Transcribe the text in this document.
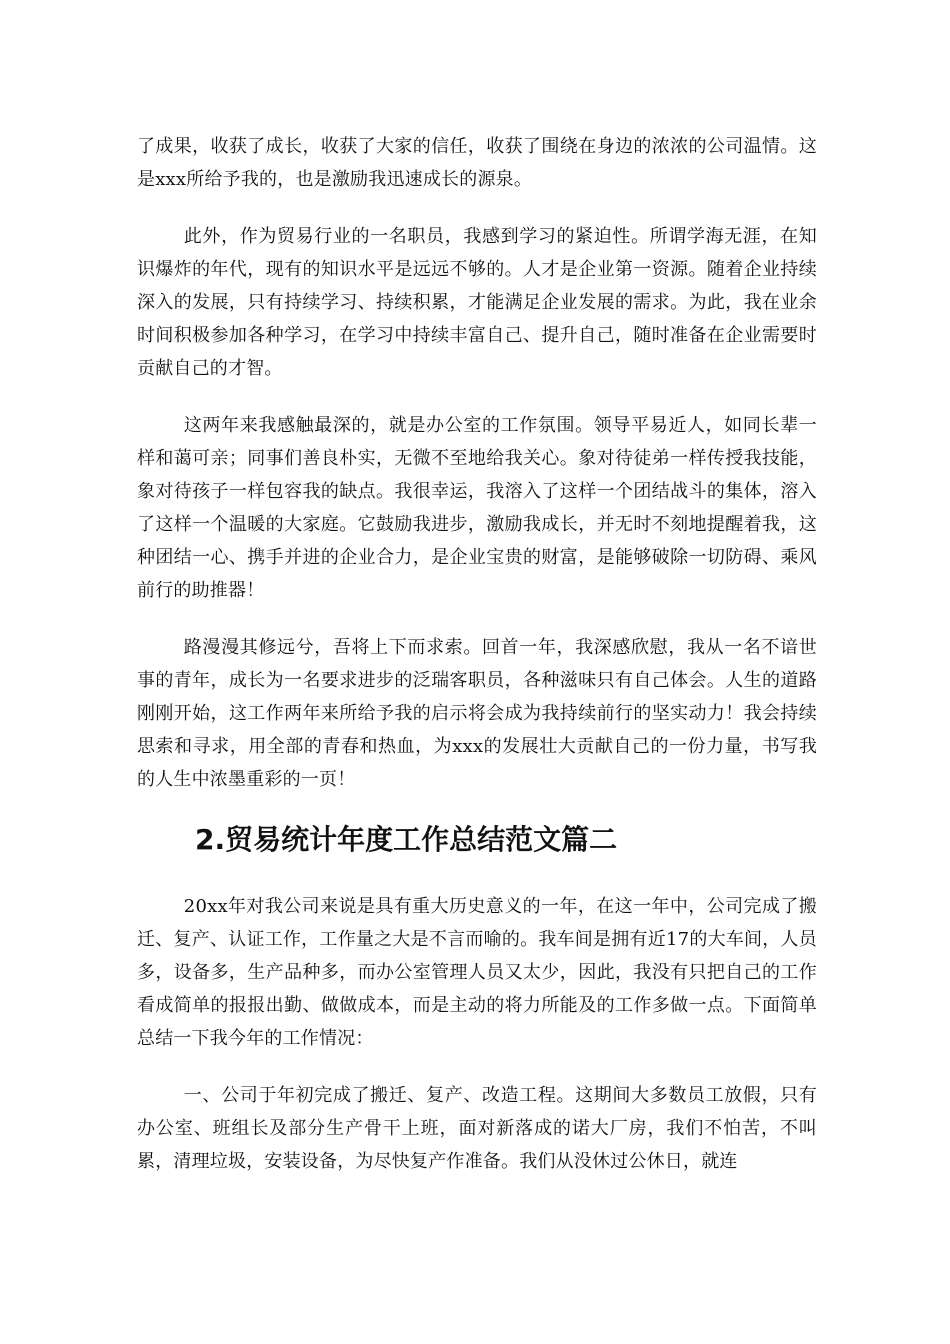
了成果，收获了成长，收获了大家的信任，收获了围绕在身边的浓浓的公司温情。这是xxx所给予我的，也是激励我迅速成长的源泉。

此外，作为贸易行业的一名职员，我感到学习的紧迫性。所谓学海无涯，在知识爆炸的年代，现有的知识水平是远远不够的。人才是企业第一资源。随着企业持续深入的发展，只有持续学习、持续积累，才能满足企业发展的需求。为此，我在业余时间积极参加各种学习，在学习中持续丰富自己、提升自己，随时准备在企业需要时贡献自己的才智。

这两年来我感触最深的，就是办公室的工作氛围。领导平易近人，如同长辈一样和蔼可亲；同事们善良朴实，无微不至地给我关心。象对待徒弟一样传授我技能，象对待孩子一样包容我的缺点。我很幸运，我溶入了这样一个团结战斗的集体，溶入了这样一个温暖的大家庭。它鼓励我进步，激励我成长，并无时不刻地提醒着我，这种团结一心、携手并进的企业合力，是企业宝贵的财富，是能够破除一切防碍、乘风前行的助推器！

路漫漫其修远兮，吾将上下而求索。回首一年，我深感欣慰，我从一名不谙世事的青年，成长为一名要求进步的泛瑞客职员，各种滋味只有自己体会。人生的道路刚刚开始，这工作两年来所给予我的启示将会成为我持续前行的坚实动力！我会持续思索和寻求，用全部的青春和热血，为xxx的发展壮大贡献自己的一份力量，书写我的人生中浓墨重彩的一页！

2.贸易统计年度工作总结范文篇二

20xx年对我公司来说是具有重大历史意义的一年，在这一年中，公司完成了搬迁、复产、认证工作，工作量之大是不言而喻的。我车间是拥有近17的大车间，人员多，设备多，生产品种多，而办公室管理人员又太少，因此，我没有只把自己的工作看成简单的报报出勤、做做成本，而是主动的将力所能及的工作多做一点。下面简单总结一下我今年的工作情况：

一、公司于年初完成了搬迁、复产、改造工程。这期间大多数员工放假，只有办公室、班组长及部分生产骨干上班，面对新落成的诺大厂房，我们不怕苦，不叫累，清理垃圾，安装设备，为尽快复产作准备。我们从没休过公休日，就连
